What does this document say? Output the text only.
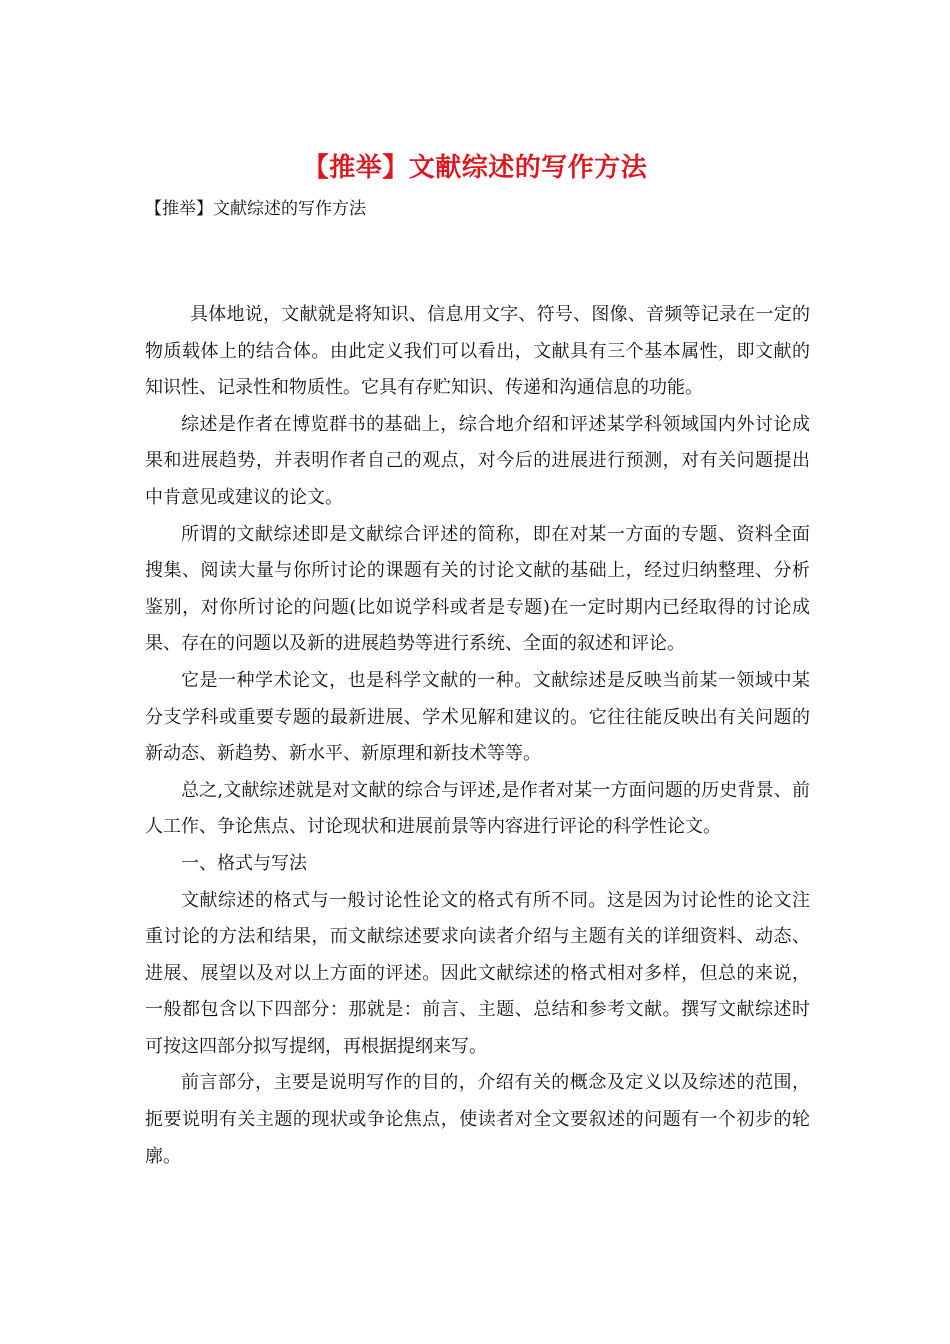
【推举】文献综述的写作方法

【推举】文献综述的写作方法

具体地说，文献就是将知识、信息用文字、符号、图像、音频等记录在一定的物质载体上的结合体。由此定义我们可以看出，文献具有三个基本属性，即文献的知识性、记录性和物质性。它具有存贮知识、传递和沟通信息的功能。

综述是作者在博览群书的基础上，综合地介绍和评述某学科领域国内外讨论成果和进展趋势，并表明作者自己的观点，对今后的进展进行预测，对有关问题提出中肯意见或建议的论文。

所谓的文献综述即是文献综合评述的简称，即在对某一方面的专题、资料全面搜集、阅读大量与你所讨论的课题有关的讨论文献的基础上，经过归纳整理、分析鉴别，对你所讨论的问题(比如说学科或者是专题)在一定时期内已经取得的讨论成果、存在的问题以及新的进展趋势等进行系统、全面的叙述和评论。

它是一种学术论文，也是科学文献的一种。文献综述是反映当前某一领域中某分支学科或重要专题的最新进展、学术见解和建议的。它往往能反映出有关问题的新动态、新趋势、新水平、新原理和新技术等等。

总之,文献综述就是对文献的综合与评述,是作者对某一方面问题的历史背景、前人工作、争论焦点、讨论现状和进展前景等内容进行评论的科学性论文。

一、格式与写法

文献综述的格式与一般讨论性论文的格式有所不同。这是因为讨论性的论文注重讨论的方法和结果，而文献综述要求向读者介绍与主题有关的详细资料、动态、进展、展望以及对以上方面的评述。因此文献综述的格式相对多样，但总的来说，一般都包含以下四部分：那就是：前言、主题、总结和参考文献。撰写文献综述时可按这四部分拟写提纲，再根据提纲来写。

前言部分，主要是说明写作的目的，介绍有关的概念及定义以及综述的范围，扼要说明有关主题的现状或争论焦点，使读者对全文要叙述的问题有一个初步的轮廓。
